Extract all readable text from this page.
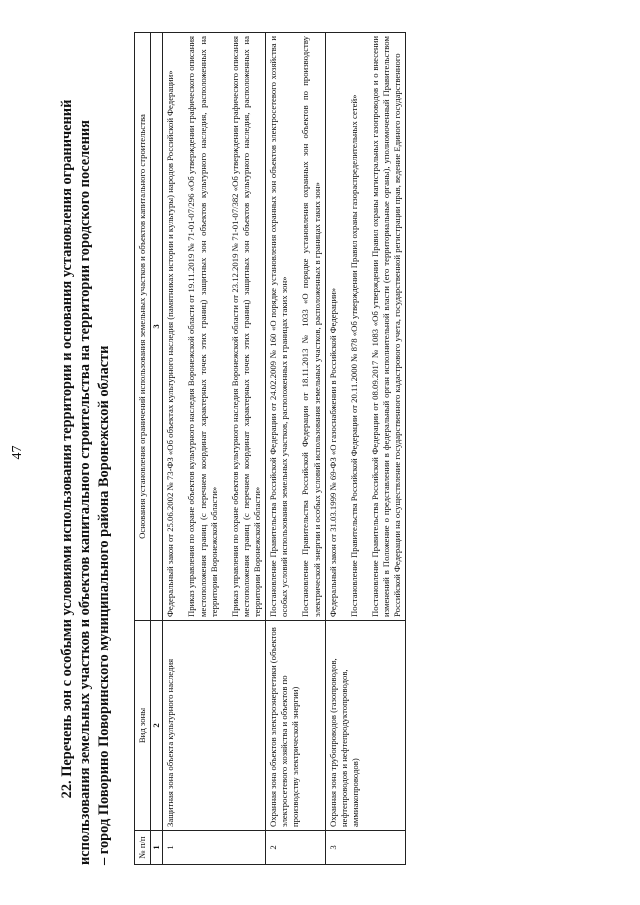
47 22. Перечень зон с особыми условиями использования территории и основания установления ограничений использования земельных участков и объектов капитального строительства на территории городского поселения – город Поворино Поворинского муниципального района Воронежской области	№ п/п	Вид зоны	Основания установления ограничений использования земельных участков и объектов капитального строительства
1	2	3
1	Защитная зона объекта культурного наследия	Федеральный закон от 25.06.2002 № 73-ФЗ «Об объектах культурного наследия (памятниках истории и культуры) народов Российской Федерации» Приказ управления по охране объектов культурного наследия Воронежской области от 19.11.2019 № 71-01-07/296 «Об утверждении графического описания местоположения границ (с перечнем координат характерных точек этих границ) защитных зон объектов культурного наследия, расположенных на территории Воронежской области» Приказ управления по охране объектов культурного наследия Воронежской области от 23.12.2019 № 71-01-07/382 «Об утверждении графического описания местоположения границ (с перечнем координат характерных точек этих границ) защитных зон объектов культурного наследия, расположенных на территории Воронежской области»

2	Охранная зона объектов электроэнергетики (объектов электросетевого хозяйства и объектов по производству электрической энергии)	Постановление Правительства Российской Федерации от 24.02.2009 № 160 «О порядке установления охранных зон объектов электросетевого хозяйства и особых условий использования земельных участков, расположенных в границах таких зон» Постановление Правительства Российской Федерации от 18.11.2013 № 1033 «О порядке установления охранных зон объектов по производству электрической энергии и особых условий использования земельных участков, расположенных в границах таких зон»

3	Охранная зона трубопроводов (газопроводов, нефтепроводов и нефтепродуктопроводов, аммиакопроводов)	Федеральный закон от 31.03.1999 № 69-ФЗ «О газоснабжении в Российской Федерации» Постановление Правительства Российской Федерации от 20.11.2000 № 878 «Об утверждении Правил охраны газораспределительных сетей» Постановление Правительства Российской Федерации от 08.09.2017 № 1083 «Об утверждении Правил охраны магистральных газопроводов и о внесении изменений в Положение о представлении в федеральный орган исполнительной власти (его территориальные органы), уполномоченный Правительством Российской Федерации на осуществление государственного кадастрового учета, государственной регистрации прав, ведение Единого государственного
